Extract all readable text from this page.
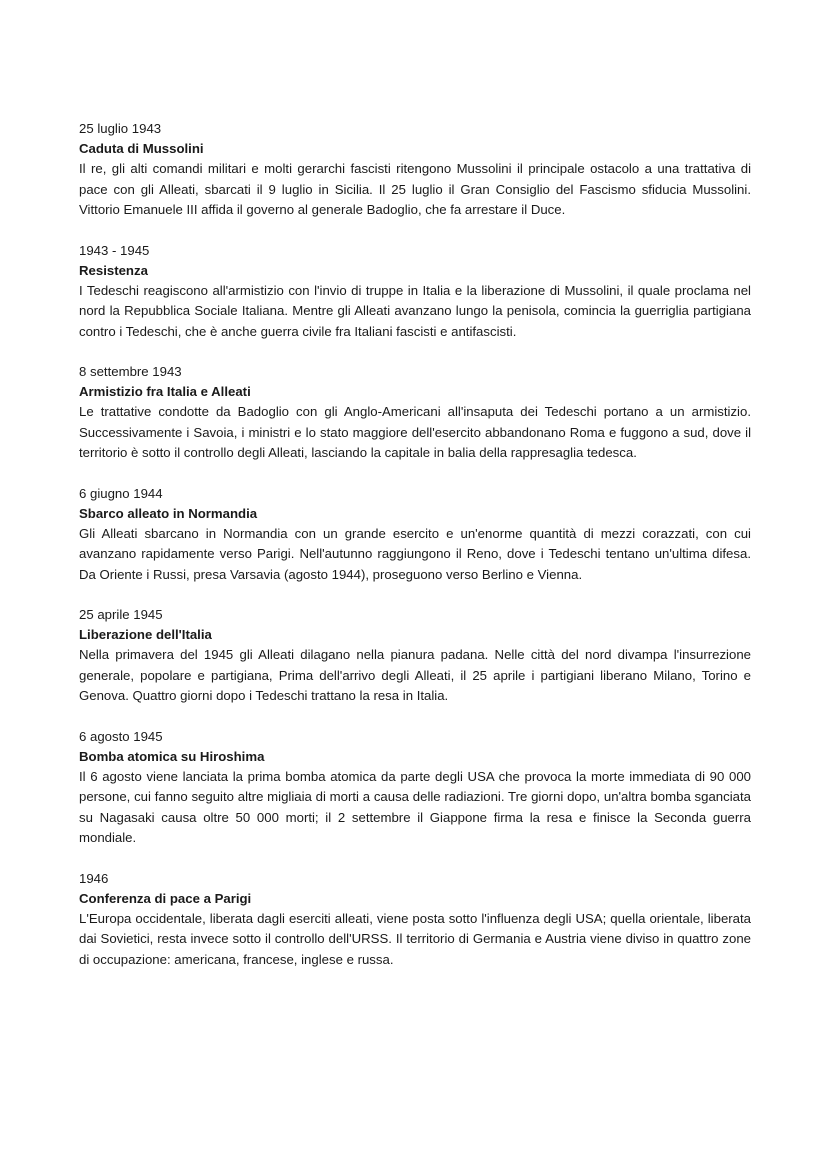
25 luglio 1943

Caduta di Mussolini

Il re, gli alti comandi militari e molti gerarchi fascisti ritengono Mussolini il principale ostacolo a una trattativa di pace con gli Alleati, sbarcati il 9 luglio in Sicilia. Il 25 luglio il Gran Consiglio del Fascismo sfiducia Mussolini. Vittorio Emanuele III affida il governo al generale Badoglio, che fa arrestare il Duce.

1943 - 1945

Resistenza

I Tedeschi reagiscono all'armistizio con l'invio di truppe in Italia e la liberazione di Mussolini, il quale proclama nel nord la Repubblica Sociale Italiana. Mentre gli Alleati avanzano lungo la penisola, comincia la guerriglia partigiana contro i Tedeschi, che è anche guerra civile fra Italiani fascisti e antifascisti.

8 settembre 1943

Armistizio fra Italia e Alleati

Le trattative condotte da Badoglio con gli Anglo-Americani all'insaputa dei Tedeschi portano a un armistizio. Successivamente i Savoia, i ministri e lo stato maggiore dell'esercito abbandonano Roma e fuggono a sud, dove il territorio è sotto il controllo degli Alleati, lasciando la capitale in balia della rappresaglia tedesca.

6 giugno 1944

Sbarco alleato in Normandia

Gli Alleati sbarcano in Normandia con un grande esercito e un'enorme quantità di mezzi corazzati, con cui avanzano rapidamente verso Parigi. Nell'autunno raggiungono il Reno, dove i Tedeschi tentano un'ultima difesa. Da Oriente i Russi, presa Varsavia (agosto 1944), proseguono verso Berlino e Vienna.

25 aprile 1945

Liberazione dell'Italia

Nella primavera del 1945 gli Alleati dilagano nella pianura padana. Nelle città del nord divampa l'insurrezione generale, popolare e partigiana, Prima dell'arrivo degli Alleati, il 25 aprile i partigiani liberano Milano, Torino e Genova. Quattro giorni dopo i Tedeschi trattano la resa in Italia.

6 agosto 1945

Bomba atomica su Hiroshima

Il 6 agosto viene lanciata la prima bomba atomica da parte degli USA che provoca la morte immediata di 90 000 persone, cui fanno seguito altre migliaia di morti a causa delle radiazioni. Tre giorni dopo, un'altra bomba sganciata su Nagasaki causa oltre 50 000 morti; il 2 settembre il Giappone firma la resa e finisce la Seconda guerra mondiale.

1946

Conferenza di pace a Parigi

L'Europa occidentale, liberata dagli eserciti alleati, viene posta sotto l'influenza degli USA; quella orientale, liberata dai Sovietici, resta invece sotto il controllo dell'URSS. Il territorio di Germania e Austria viene diviso in quattro zone di occupazione: americana, francese, inglese e russa.
